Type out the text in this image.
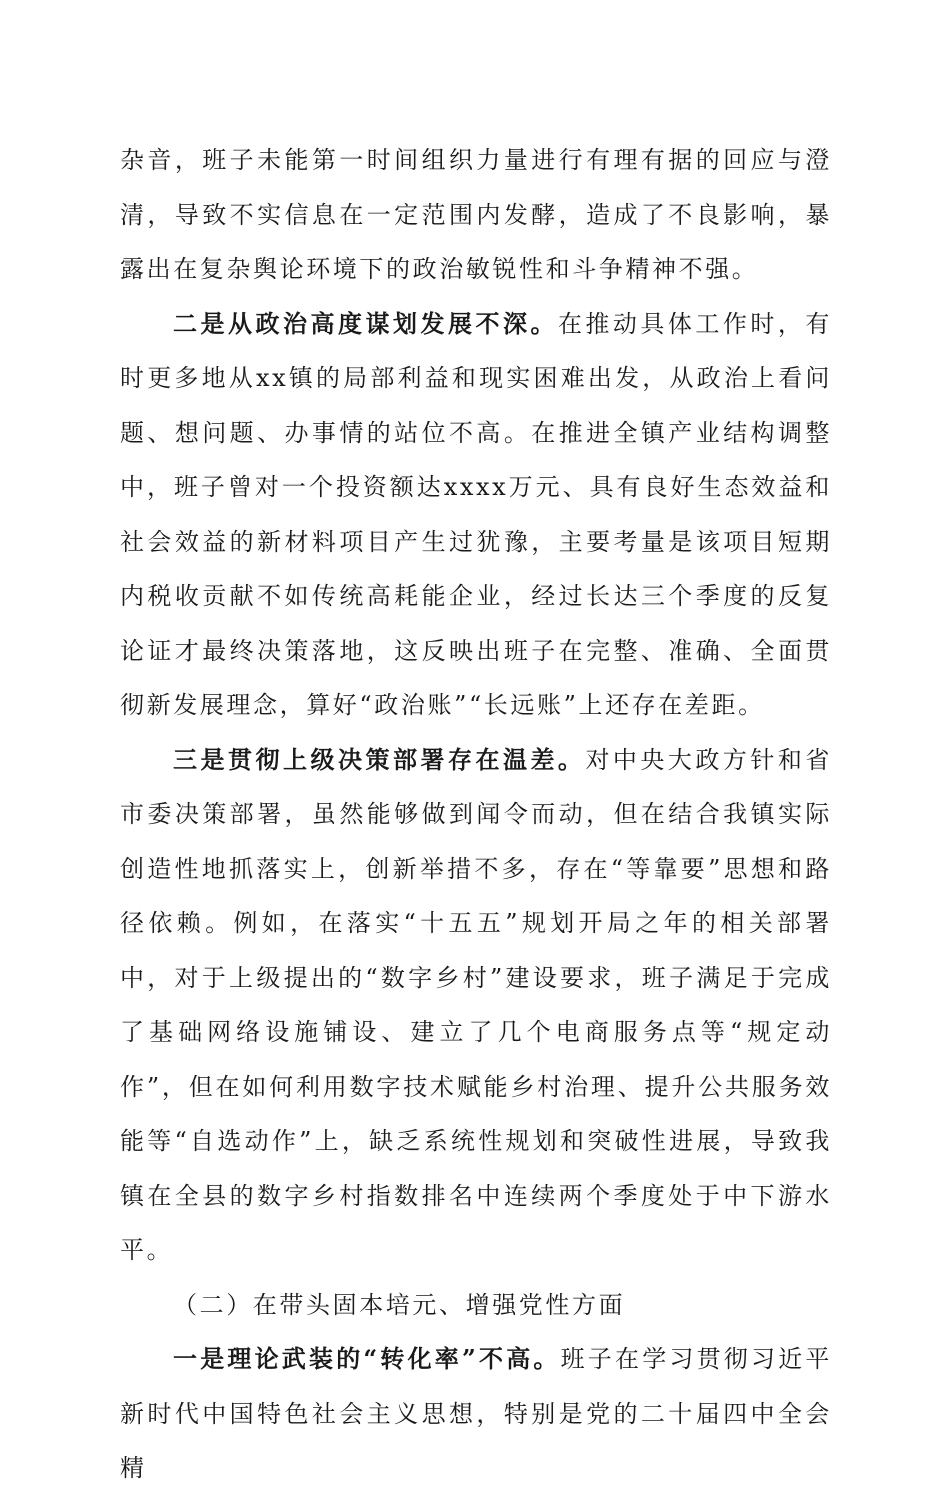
杂音，班子未能第一时间组织力量进行有理有据的回应与澄清，导致不实信息在一定范围内发酵，造成了不良影响，暴露出在复杂舆论环境下的政治敏锐性和斗争精神不强。

二是从政治高度谋划发展不深。在推动具体工作时，有时更多地从xx镇的局部利益和现实困难出发，从政治上看问题、想问题、办事情的站位不高。在推进全镇产业结构调整中，班子曾对一个投资额达xxxx万元、具有良好生态效益和社会效益的新材料项目产生过犹豫，主要考量是该项目短期内税收贡献不如传统高耗能企业，经过长达三个季度的反复论证才最终决策落地，这反映出班子在完整、准确、全面贯彻新发展理念，算好“政治账”“长远账”上还存在差距。

三是贯彻上级决策部署存在温差。对中央大政方针和省市委决策部署，虽然能够做到闻令而动，但在结合我镇实际创造性地抓落实上，创新举措不多，存在“等靠要”思想和路径依赖。例如，在落实“十五五”规划开局之年的相关部署中，对于上级提出的“数字乡村”建设要求，班子满足于完成了基础网络设施铺设、建立了几个电商服务点等“规定动作”，但在如何利用数字技术赋能乡村治理、提升公共服务效能等“自选动作”上，缺乏系统性规划和突破性进展，导致我镇在全县的数字乡村指数排名中连续两个季度处于中下游水平。

（二）在带头固本培元、增强党性方面

一是理论武装的“转化率”不高。班子在学习贯彻习近平新时代中国特色社会主义思想，特别是党的二十届四中全会精
